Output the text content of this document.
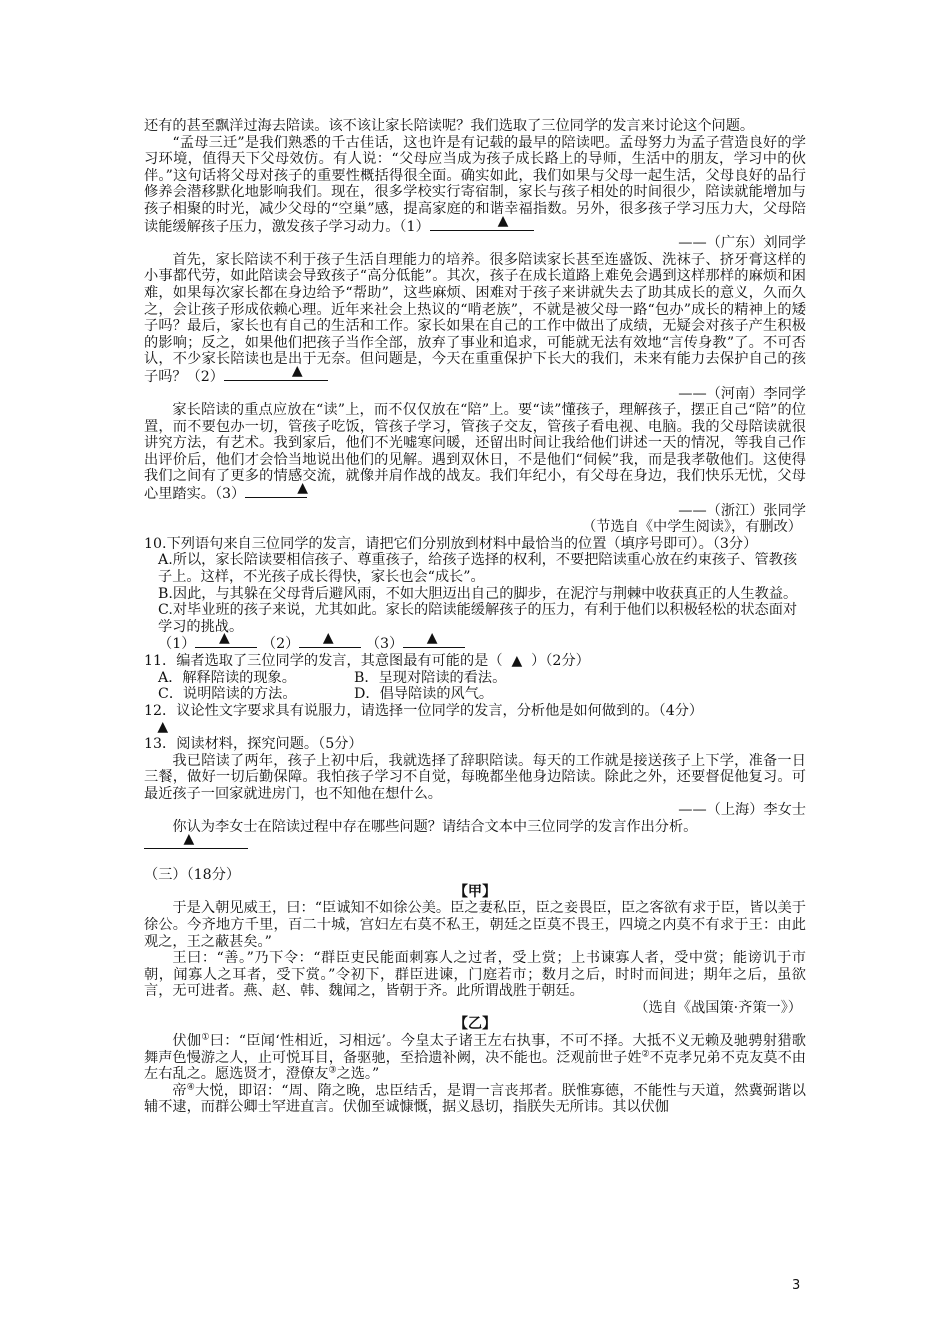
还有的甚至飘洋过海去陪读。该不该让家长陪读呢？我们选取了三位同学的发言来讨论这个问题。

“孟母三迁”是我们熟悉的千古佳话，这也许是有记载的最早的陪读吧。孟母努力为孟子营造良好的学习环境，值得天下父母效仿。有人说：“父母应当成为孩子成长路上的导师，生活中的朋友，学习中的伙伴。”这句话将父母对孩子的重要性概括得很全面。确实如此，我们如果与父母一起生活，父母良好的品行修养会潜移默化地影响我们。现在，很多学校实行寄宿制，家长与孩子相处的时间很少，陪读就能增加与孩子相聚的时光，减少父母的“空巢”感，提高家庭的和谐幸福指数。另外，很多孩子学习压力大，父母陪读能缓解孩子压力，激发孩子学习动力。（1）▲

——（广东）刘同学

首先，家长陪读不利于孩子生活自理能力的培养。很多陪读家长甚至连盛饭、洗袜子、挤牙膏这样的小事都代劳，如此陪读会导致孩子“高分低能”。其次，孩子在成长道路上难免会遇到这样那样的麻烦和困难，如果每次家长都在身边给予“帮助”，这些麻烦、困难对于孩子来讲就失去了助其成长的意义，久而久之，会让孩子形成依赖心理。近年来社会上热议的“啃老族”，不就是被父母一路“包办”成长的精神上的矮子吗？最后，家长也有自己的生活和工作。家长如果在自己的工作中做出了成绩，无疑会对孩子产生积极的影响；反之，如果他们把孩子当作全部，放弃了事业和追求，可能就无法有效地“言传身教”了。不可否认，不少家长陪读也是出于无奈。但问题是，今天在重重保护下长大的我们，未来有能力去保护自己的孩子吗？（2）▲

——（河南）李同学

家长陪读的重点应放在“读”上，而不仅仅放在“陪”上。要“读”懂孩子，理解孩子，摆正自己“陪”的位置，而不要包办一切，管孩子吃饭，管孩子学习，管孩子交友，管孩子看电视、电脑。我的父母陪读就很讲究方法，有艺术。我到家后，他们不光嘘寒问暖，还留出时间让我给他们讲述一天的情况，等我自己作出评价后，他们才会恰当地说出他们的见解。遇到双休日，不是他们“伺候”我，而是我孝敬他们。这使得我们之间有了更多的情感交流，就像并肩作战的战友。我们年纪小，有父母在身边，我们快乐无忧，父母心里踏实。（3）▲

——（浙江）张同学

（节选自《中学生阅读》，有删改）

10.下列语句来自三位同学的发言，请把它们分别放到材料中最恰当的位置（填序号即可）。（3分）

A.所以，家长陪读要相信孩子、尊重孩子，给孩子选择的权利，不要把陪读重心放在约束孩子、管教孩子上。这样，不光孩子成长得快，家长也会“成长”。

B.因此，与其躲在父母背后避风雨，不如大胆迈出自己的脚步，在泥泞与荆棘中收获真正的人生教益。

C.对毕业班的孩子来说，尤其如此。家长的陪读能缓解孩子的压力，有利于他们以积极轻松的状态面对学习的挑战。

（1） ▲	（2） ▲	（3）▲

11．编者选取了三位同学的发言，其意图最有可能的是（  ▲  ）（2分）

A．解释陪读的现象。	B．呈现对陪读的看法。
C．说明陪读的方法。	D．倡导陪读的风气。

12．议论性文字要求具有说服力，请选择一位同学的发言，分析他是如何做到的。（4分）

▲

13．阅读材料，探究问题。（5分）

我已陪读了两年，孩子上初中后，我就选择了辞职陪读。每天的工作就是接送孩子上下学，准备一日三餐，做好一切后勤保障。我怕孩子学习不自觉，每晚都坐他身边陪读。除此之外，还要督促他复习。可最近孩子一回家就进房门，也不知他在想什么。

——（上海）李女士

你认为李女士在陪读过程中存在哪些问题？请结合文本中三位同学的发言作出分析。

▲

（三）（18分）

【甲】

于是入朝见威王，曰：“臣诚知不如徐公美。臣之妻私臣，臣之妾畏臣，臣之客欲有求于臣，皆以美于徐公。今齐地方千里，百二十城，宫妇左右莫不私王，朝廷之臣莫不畏王，四境之内莫不有求于王：由此观之，王之蔽甚矣。”

王曰：“善。”乃下令：“群臣吏民能面刺寡人之过者，受上赏；上书谏寡人者，受中赏；能谤讥于市朝，闻寡人之耳者，受下赏。”令初下，群臣进谏，门庭若市；数月之后，时时而间进；期年之后，虽欲言，无可进者。燕、赵、韩、魏闻之，皆朝于齐。此所谓战胜于朝廷。

（选自《战国策·齐策一》）

【乙】

伏伽①曰：“臣闻‘性相近，习相远’。今皇太子诸王左右执事，不可不择。大抵不义无赖及驰骋射猎歌舞声色慢游之人，止可悦耳目，备驱驰，至拾遗补阙，决不能也。泛观前世子姓②不克孝兄弟不克友莫不由左右乱之。愿选贤才，澄僚友③之选。”

帝④大悦，即诏：“周、隋之晚，忠臣结舌，是谓一言丧邦者。朕惟寡德，不能性与天道，然冀弼谐以辅不逮，而群公卿士罕进直言。伏伽至诚慷慨，据义恳切，指朕失无所讳。其以伏伽

3
